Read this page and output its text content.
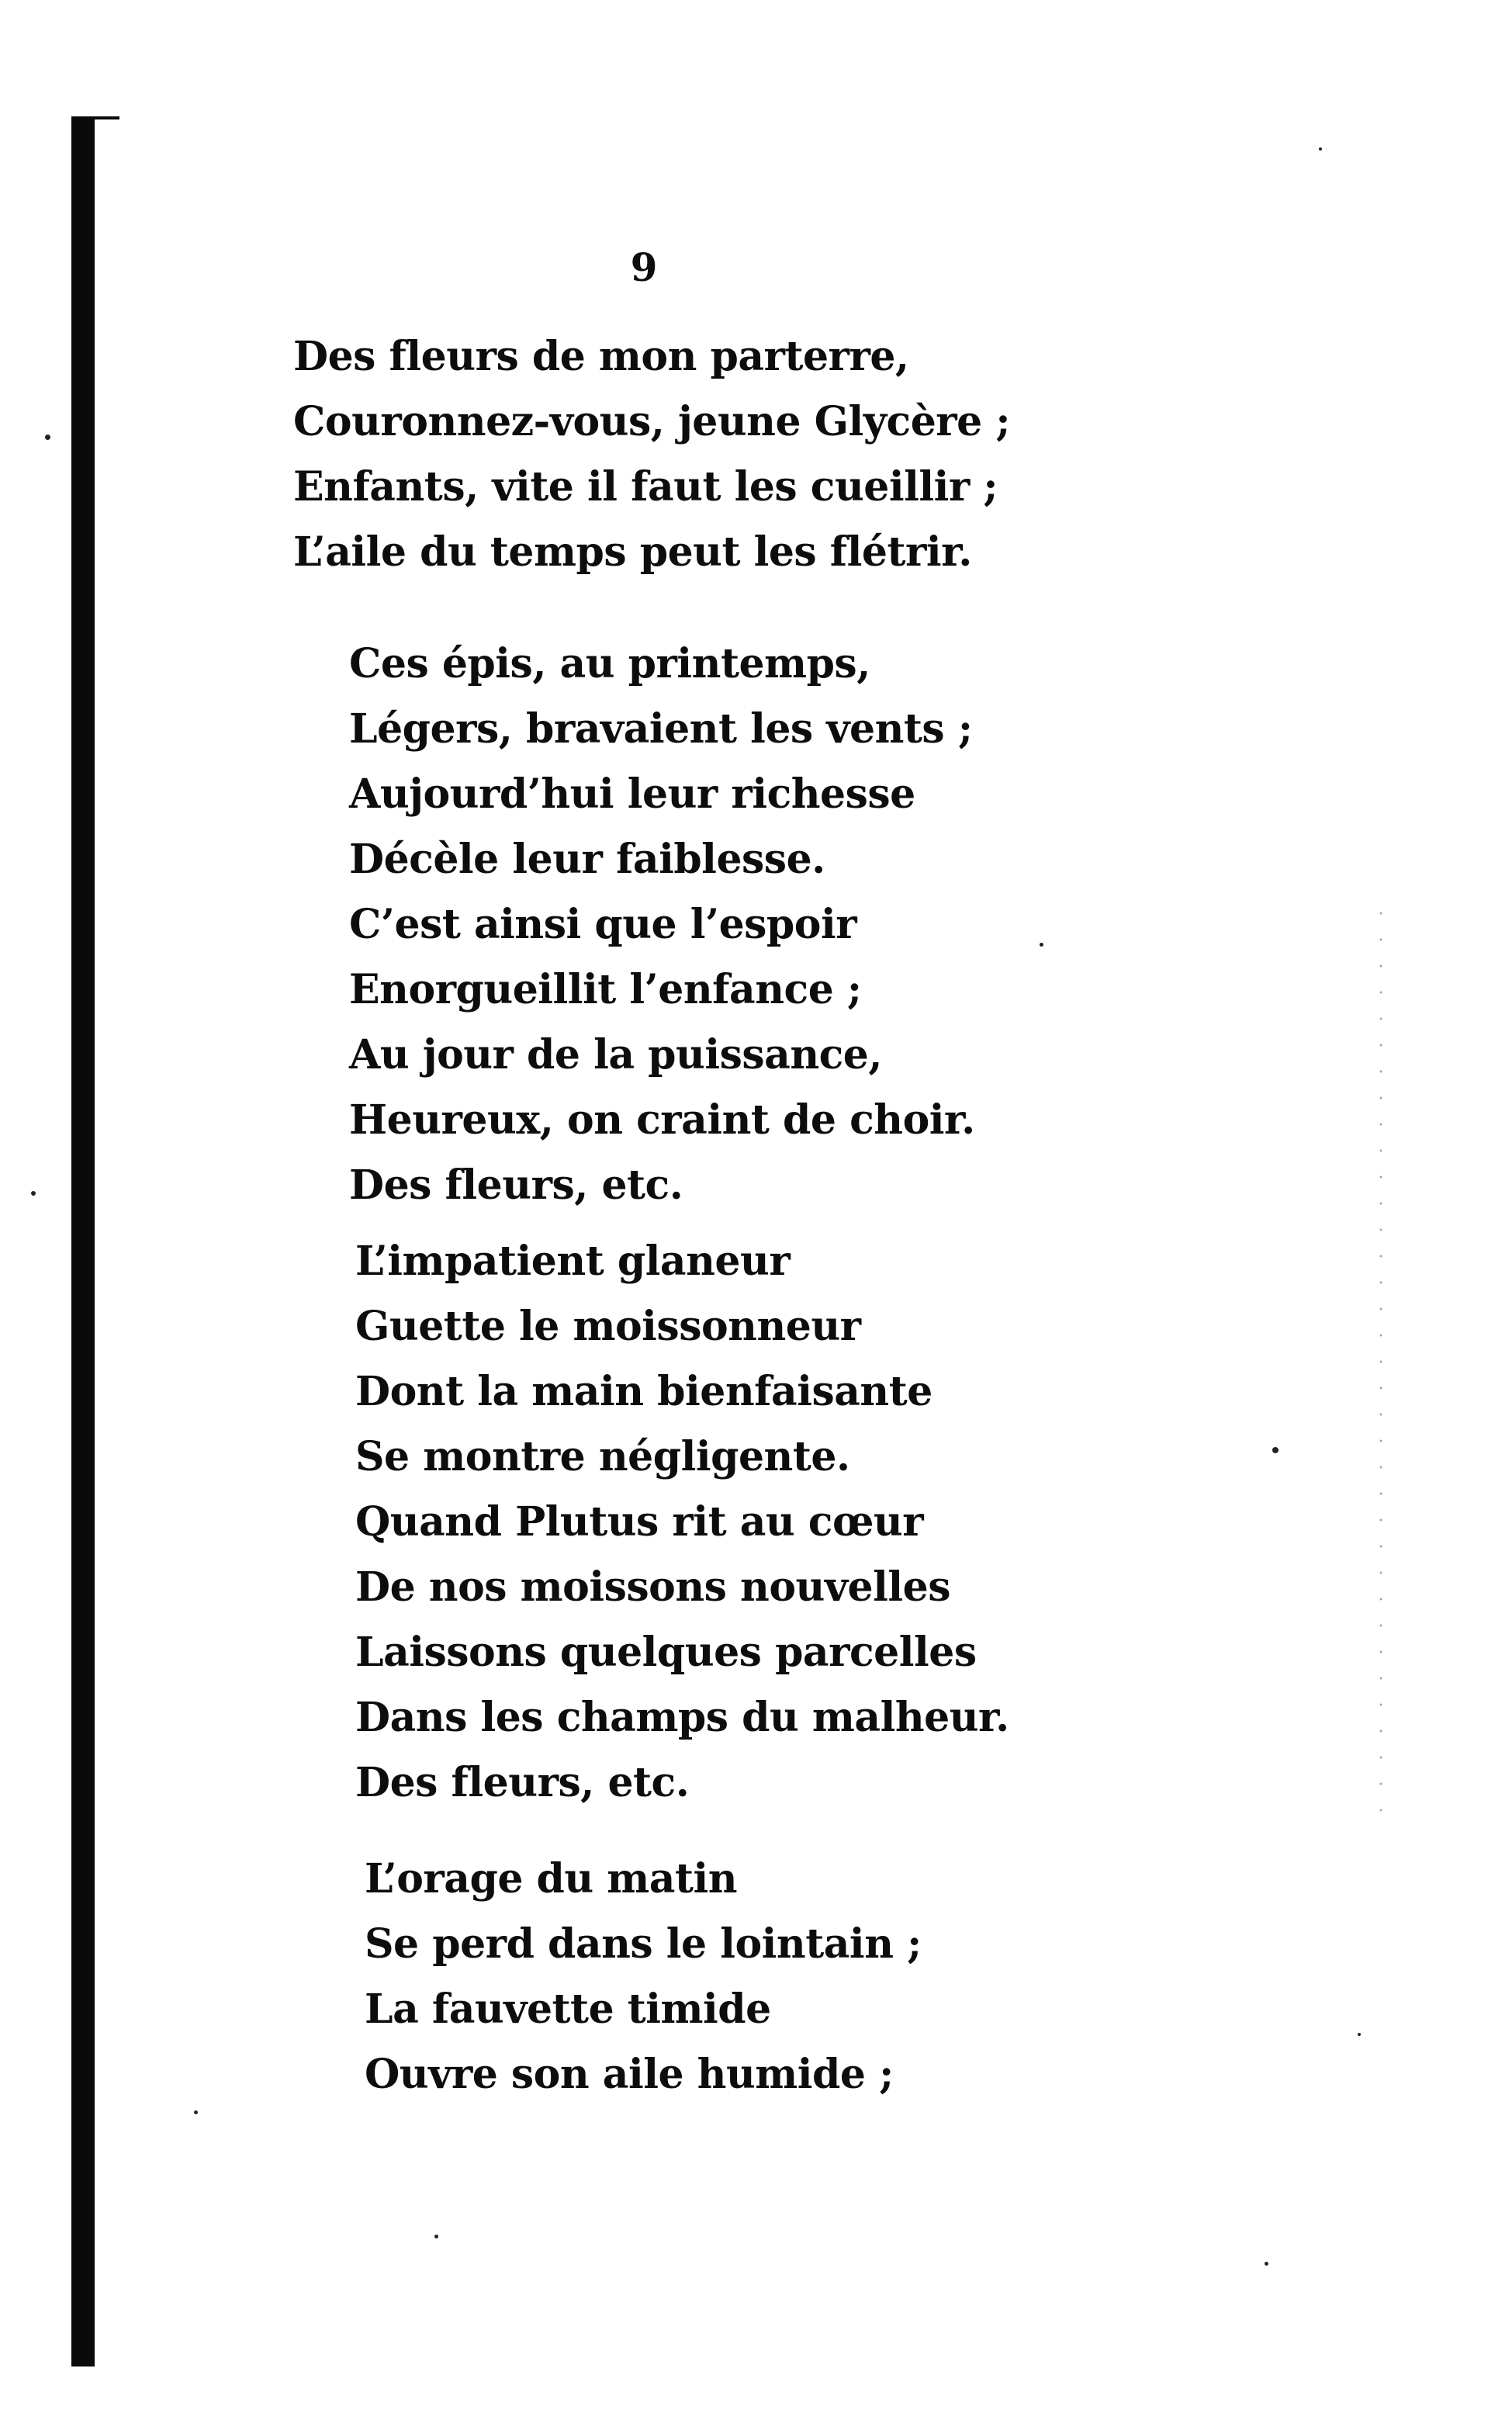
9
Des fleurs de mon parterre,
Couronnez-vous, jeune Glycère ;
Enfants, vite il faut les cueillir ;
L’aile du temps peut les flétrir.
Ces épis, au printemps,
Légers, bravaient les vents ;
Aujourd’hui leur richesse
Décèle leur faiblesse.
C’est ainsi que l’espoir
Enorgueillit l’enfance ;
Au jour de la puissance,
Heureux, on craint de choir.
Des fleurs, etc.
L’impatient glaneur
Guette le moissonneur
Dont la main bienfaisante
Se montre négligente.
Quand Plutus rit au cœur
De nos moissons nouvelles
Laissons quelques parcelles
Dans les champs du malheur.
Des fleurs, etc.
L’orage du matin
Se perd dans le lointain ;
La fauvette timide
Ouvre son aile humide ;
